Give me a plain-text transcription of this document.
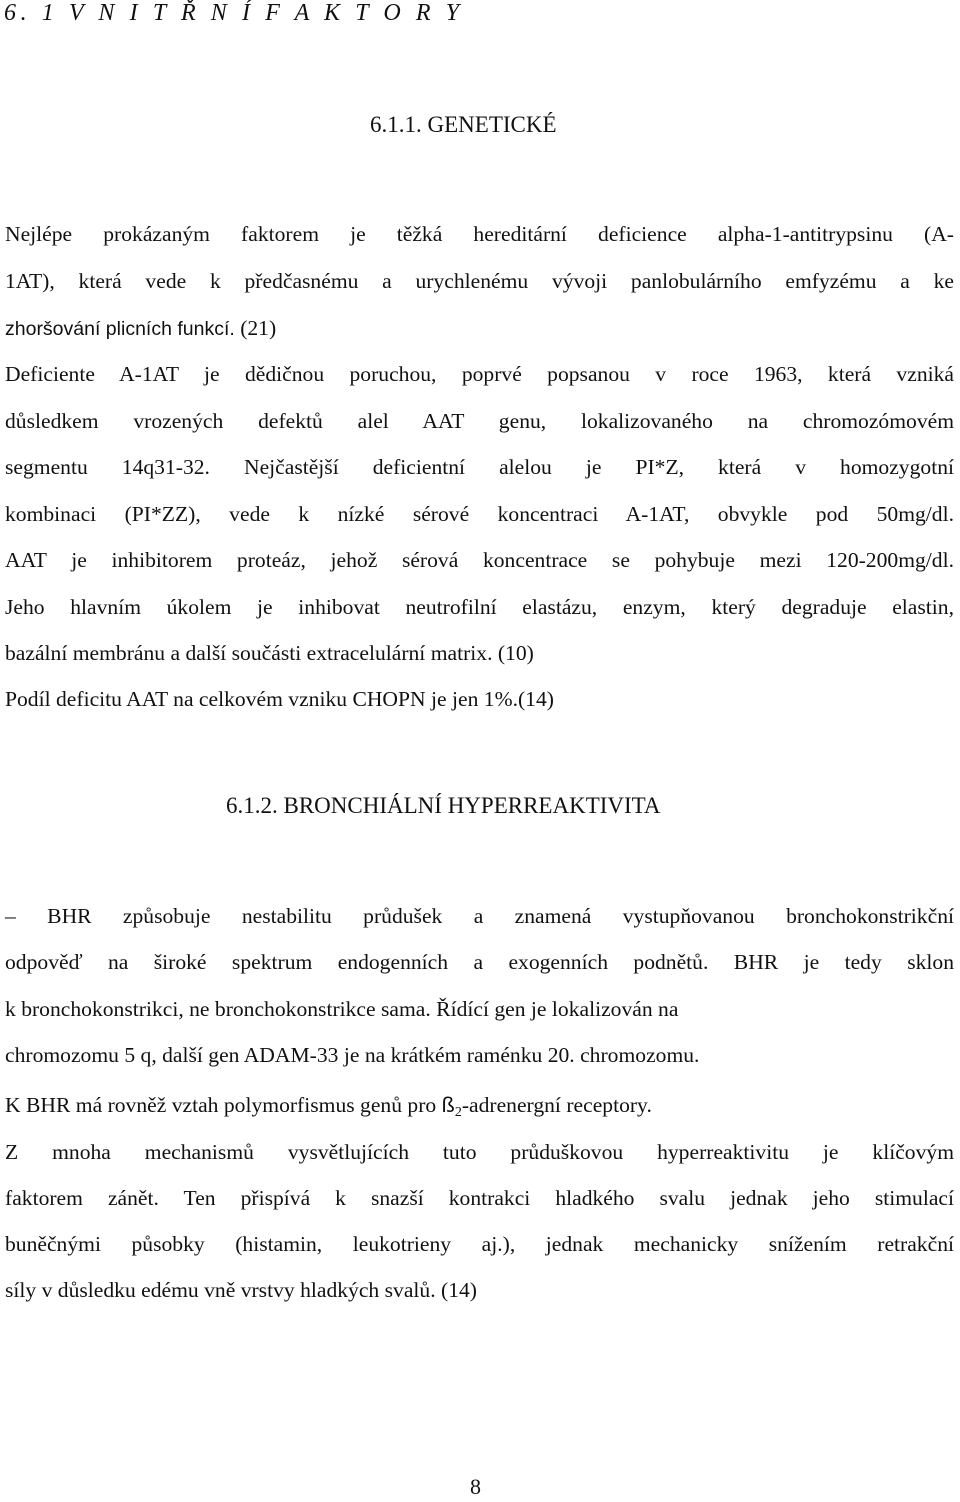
6. 1 V N I T Ř N Í F A K T O R Y
6.1.1. GENETICKÉ
Nejlépe prokázaným faktorem je těžká hereditární deficience alpha-1-antitrypsinu (A-
1AT), která vede k předčasnému a urychlenému vývoji panlobulárního emfyzému a ke
zhoršování plicních funkcí. (21)
Deficiente A-1AT je dědičnou poruchou, poprvé popsanou v roce 1963, která vzniká
důsledkem vrozených defektů alel AAT genu, lokalizovaného na chromozómovém
segmentu 14q31-32. Nejčastější deficientní alelou je PI*Z, která v homozygotní
kombinaci (PI*ZZ), vede k nízké sérové koncentraci A-1AT, obvykle pod 50mg/dl.
AAT je inhibitorem proteáz, jehož sérová koncentrace se pohybuje mezi 120-200mg/dl.
Jeho hlavním úkolem je inhibovat neutrofilní elastázu, enzym, který degraduje elastin,
bazální membránu a další součásti extracelulární matrix. (10)
Podíl deficitu AAT na celkovém vzniku CHOPN je jen 1%.(14)
6.1.2. BRONCHIÁLNÍ HYPERREAKTIVITA
– BHR způsobuje nestabilitu průdušek a znamená vystupňovanou bronchokonstrikční
odpověď na široké spektrum endogenních a exogenních podnětů. BHR je tedy sklon
k bronchokonstrikci, ne bronchokonstrikce sama. Řídící gen je lokalizován na
chromozomu 5 q, další gen ADAM-33 je na krátkém raménku 20. chromozomu.
K BHR má rovněž vztah polymorfismus genů pro $ß_2$-adrenergní receptory.
Z mnoha mechanismů vysvětlujících tuto průduškovou hyperreaktivitu je klíčovým
faktorem zánět. Ten přispívá k snazší kontrakci hladkého svalu jednak jeho stimulací
buněčnými působky (histamin, leukotrieny aj.), jednak mechanicky snížením retrakční
síly v důsledku edému vně vrstvy hladkých svalů. (14)
8
